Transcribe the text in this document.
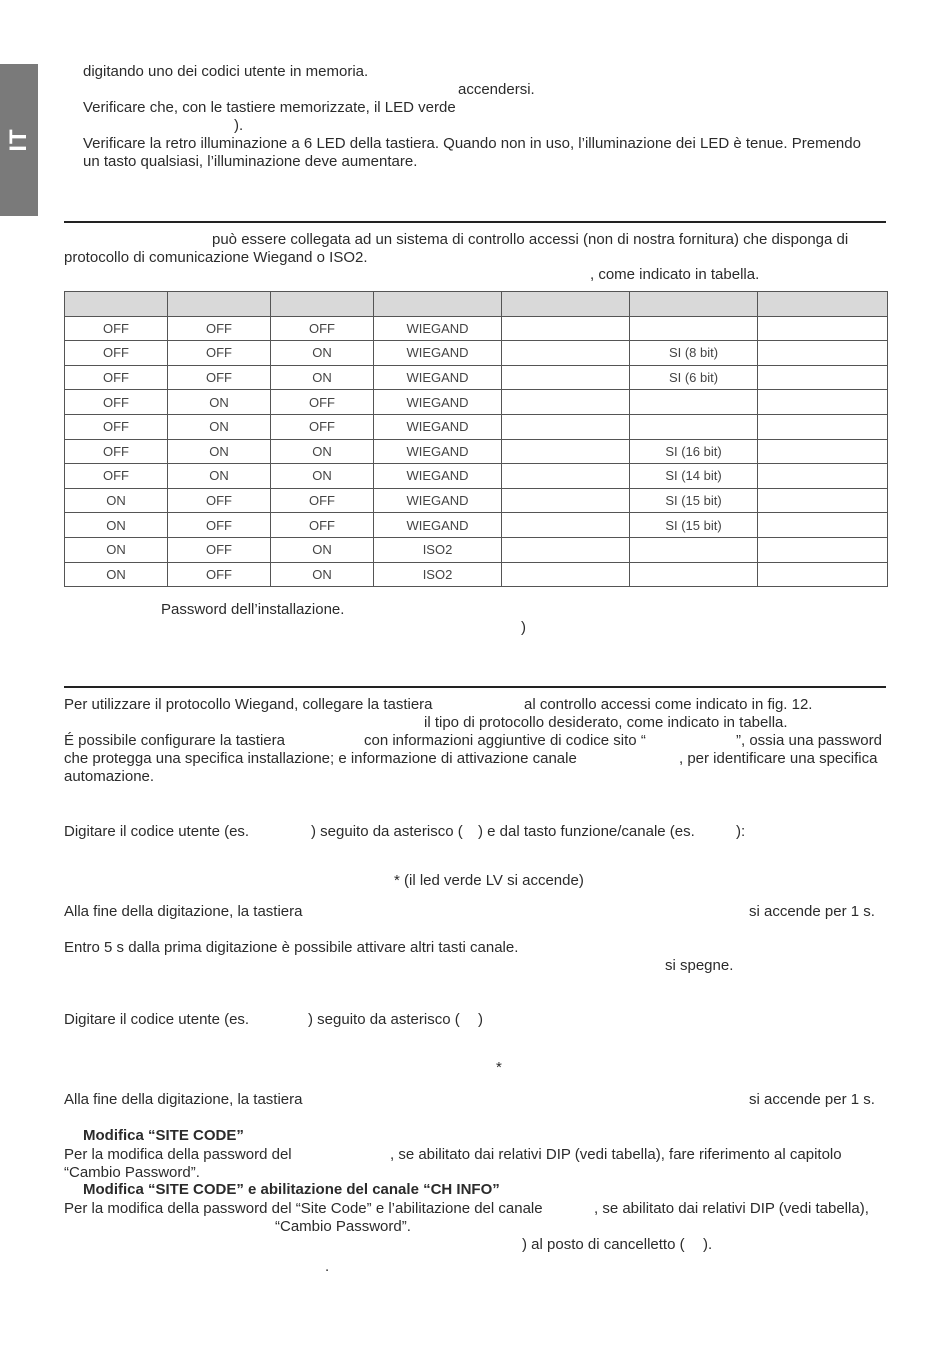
IT
digitando uno dei codici utente in memoria.
accendersi.
Verificare che, con le tastiere memorizzate, il LED verde
).
Verificare la retro illuminazione a 6 LED della tastiera. Quando non in uso, l’illuminazione dei LED è tenue. Premendo
un tasto qualsiasi, l’illuminazione deve aumentare.
può essere collegata ad un sistema di controllo accessi (non di nostra fornitura) che disponga di
protocollo di comunicazione Wiegand o ISO2.
, come indicato in tabella.
Password dell’installazione.
)
Per utilizzare il protocollo Wiegand, collegare la tastiera	al controllo accessi come indicato in fig. 12.
il tipo di protocollo desiderato, come indicato in tabella.
É possibile configurare la tastiera	con informazioni aggiuntive di codice sito “	”, ossia una password
che protegga una specifica installazione; e informazione di attivazione canale	, per identificare una specifica
automazione.
Digitare il codice utente (es.	) seguito da asterisco ( ) e dal tasto funzione/canale (es.	):
* (il led verde LV si accende)
Alla fine della digitazione, la tastiera	si accende per 1 s.
Entro 5 s dalla prima digitazione è possibile attivare altri tasti canale.
si spegne.
Digitare il codice utente (es.	) seguito da asterisco ( )
*
Alla fine della digitazione, la tastiera	si accende per 1 s.
Per la modifica della password del	, se abilitato dai relativi DIP (vedi tabella), fare riferimento al capitolo
“Cambio Password”.
Per la modifica della password del “Site Code” e l’abilitazione del canale	, se abilitato dai relativi DIP (vedi tabella),
“Cambio Password”.
) al posto di cancelletto ( ).
.
Modifica “SITE CODE”
Modifica “SITE CODE” e abilitazione del canale “CH INFO”

OFF	OFF	OFF	WIEGAND			
OFF	OFF	ON	WIEGAND		SI (8 bit)	
OFF	OFF	ON	WIEGAND		SI (6 bit)	
OFF	ON	OFF	WIEGAND			
OFF	ON	OFF	WIEGAND			
OFF	ON	ON	WIEGAND		SI (16 bit)	
OFF	ON	ON	WIEGAND		SI (14 bit)	
ON	OFF	OFF	WIEGAND		SI (15 bit)	
ON	OFF	OFF	WIEGAND		SI (15 bit)	
ON	OFF	ON	ISO2			
ON	OFF	ON	ISO2			
